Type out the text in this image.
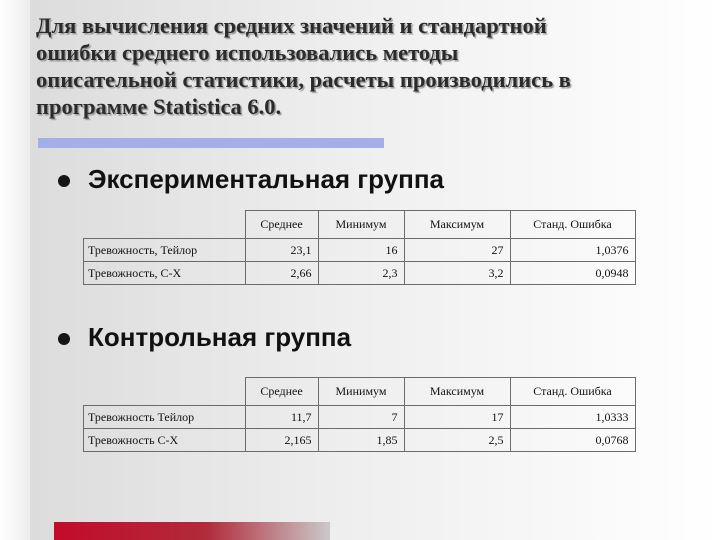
Для вычисления средних значений и стандартной
ошибки среднего использовались методы
описательной статистики, расчеты производились в
программе Statistica 6.0.
Экспериментальная группа
	Среднее	Минимум	Максимум	Станд. Ошибка
Тревожность, Тейлор	23,1	16	27	1,0376
Тревожность, С-Х	2,66	2,3	3,2	0,0948
Контрольная группа
	Среднее	Минимум	Максимум	Станд. Ошибка
Тревожность Тейлор	11,7	7	17	1,0333
Тревожность С-Х	2,165	1,85	2,5	0,0768
